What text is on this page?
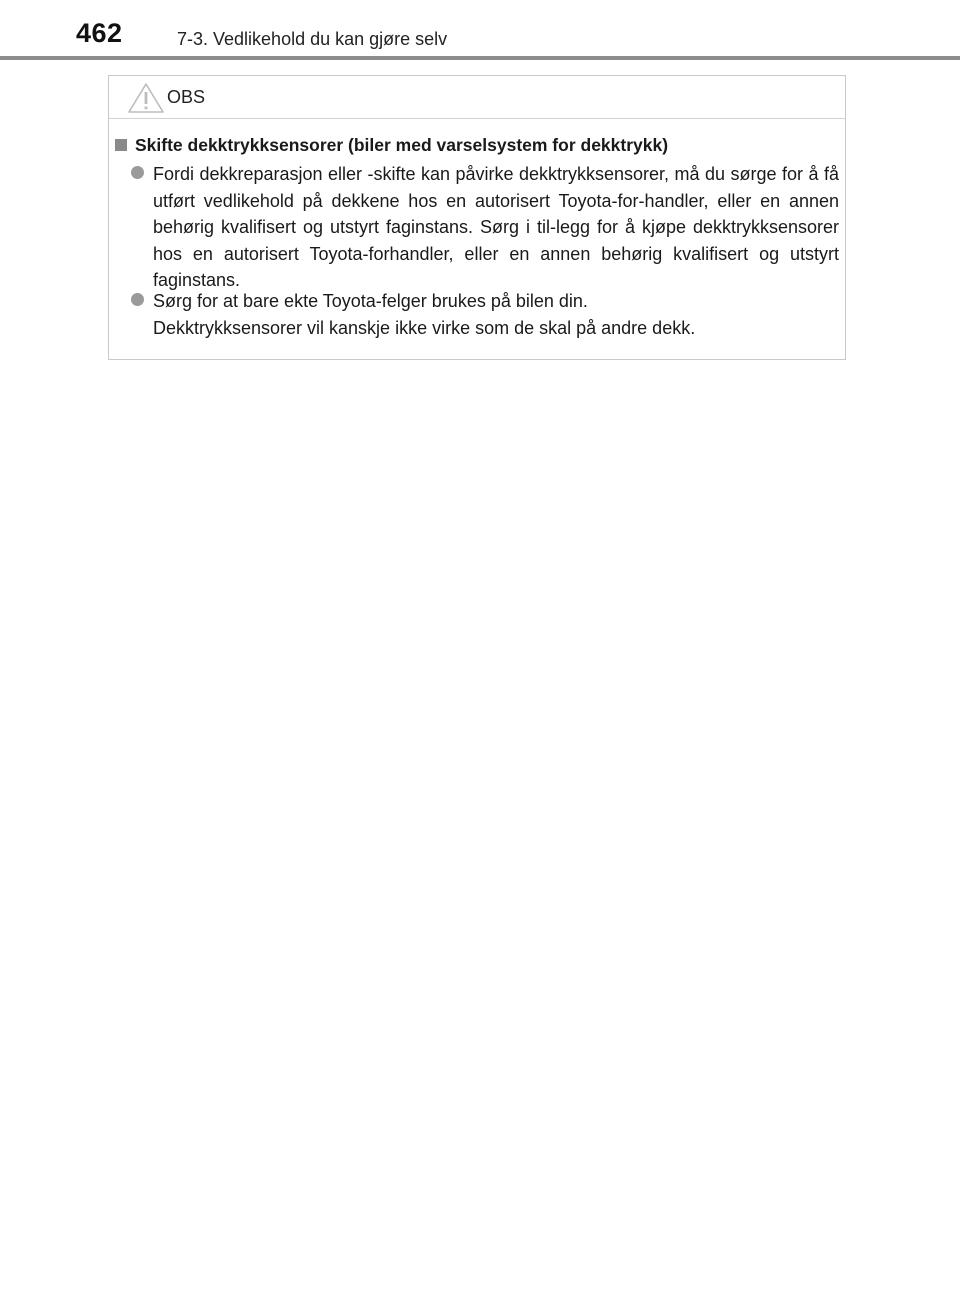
462	7-3. Vedlikehold du kan gjøre selv
OBS
Skifte dekktrykksensorer (biler med varselsystem for dekktrykk)
Fordi dekkreparasjon eller -skifte kan påvirke dekktrykksensorer, må du sørge for å få utført vedlikehold på dekkene hos en autorisert Toyota-for-handler, eller en annen behørig kvalifisert og utstyrt faginstans. Sørg i til-legg for å kjøpe dekktrykksensorer hos en autorisert Toyota-forhandler, eller en annen behørig kvalifisert og utstyrt faginstans.
Sørg for at bare ekte Toyota-felger brukes på bilen din.
Dekktrykksensorer vil kanskje ikke virke som de skal på andre dekk.
